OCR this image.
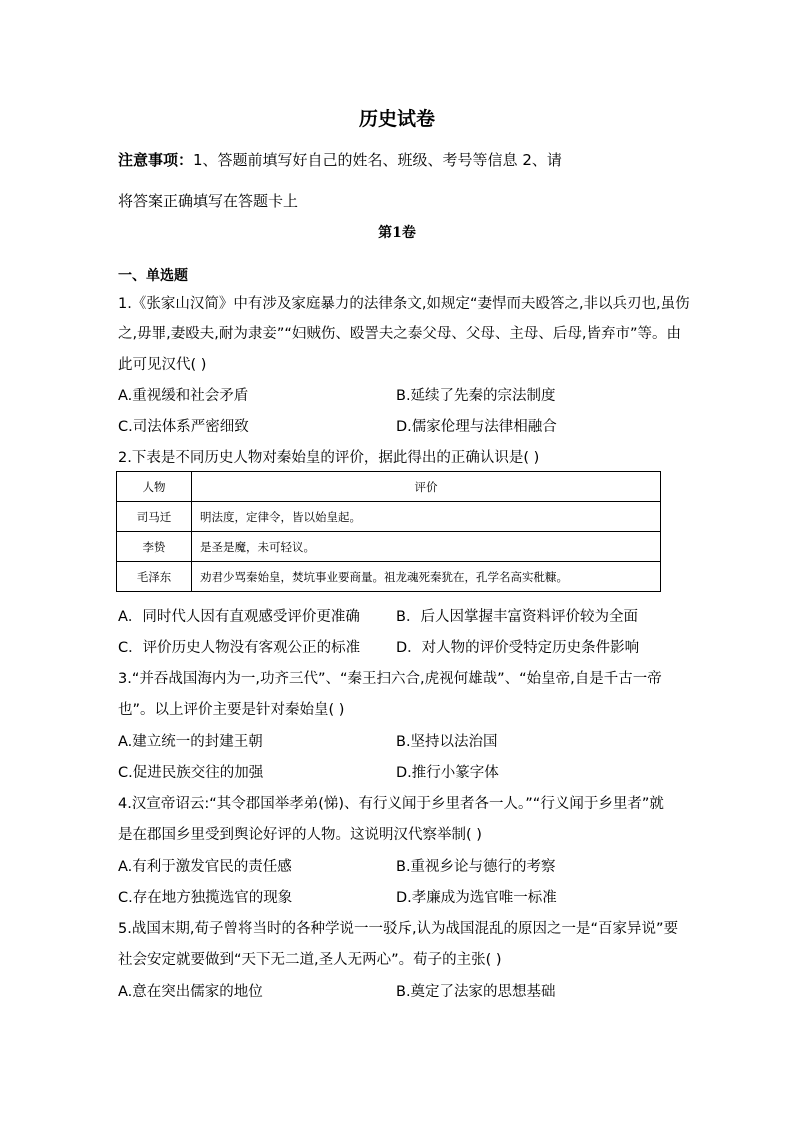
历史试卷
注意事项：1、答题前填写好自己的姓名、班级、考号等信息 2、请
将答案正确填写在答题卡上
第1卷
一、单选题
1.《张家山汉简》中有涉及家庭暴力的法律条文,如规定“妻悍而夫殴答之,非以兵刃也,虽伤
之,毋罪,妻殴夫,耐为隶妾”“妇贼伤、殴詈夫之泰父母、父母、主母、后母,皆弃市”等。由
此可见汉代( )
A.重视缓和社会矛盾	B.延续了先秦的宗法制度
C.司法体系严密细致	D.儒家伦理与法律相融合
2.下表是不同历史人物对秦始皇的评价，据此得出的正确认识是( )
人物	评价
司马迁	明法度，定律令，皆以始皇起。
李贽	是圣是魔，未可轻议。
毛泽东	劝君少骂秦始皇，焚坑事业要商量。祖龙魂死秦犹在，孔学名高实秕糠。
A．同时代人因有直观感受评价更准确 B．后人因掌握丰富资料评价较为全面
C．评价历史人物没有客观公正的标准 D．对人物的评价受特定历史条件影响
3.“并吞战国海内为一,功齐三代”、“秦王扫六合,虎视何雄哉”、“始皇帝,自是千古一帝
也”。以上评价主要是针对秦始皇( )
A.建立统一的封建王朝	B.坚持以法治国
C.促进民族交往的加强	D.推行小篆字体
4.汉宣帝诏云:“其令郡国举孝弟(悌)、有行义闻于乡里者各一人。”“行义闻于乡里者”就
是在郡国乡里受到舆论好评的人物。这说明汉代察举制( )
A.有利于激发官民的责任感	B.重视乡论与德行的考察
C.存在地方独揽选官的现象	D.孝廉成为选官唯一标准
5.战国末期,荀子曾将当时的各种学说一一驳斥,认为战国混乱的原因之一是“百家异说”要
社会安定就要做到“天下无二道,圣人无两心”。荀子的主张( )
A.意在突出儒家的地位	B.奠定了法家的思想基础
